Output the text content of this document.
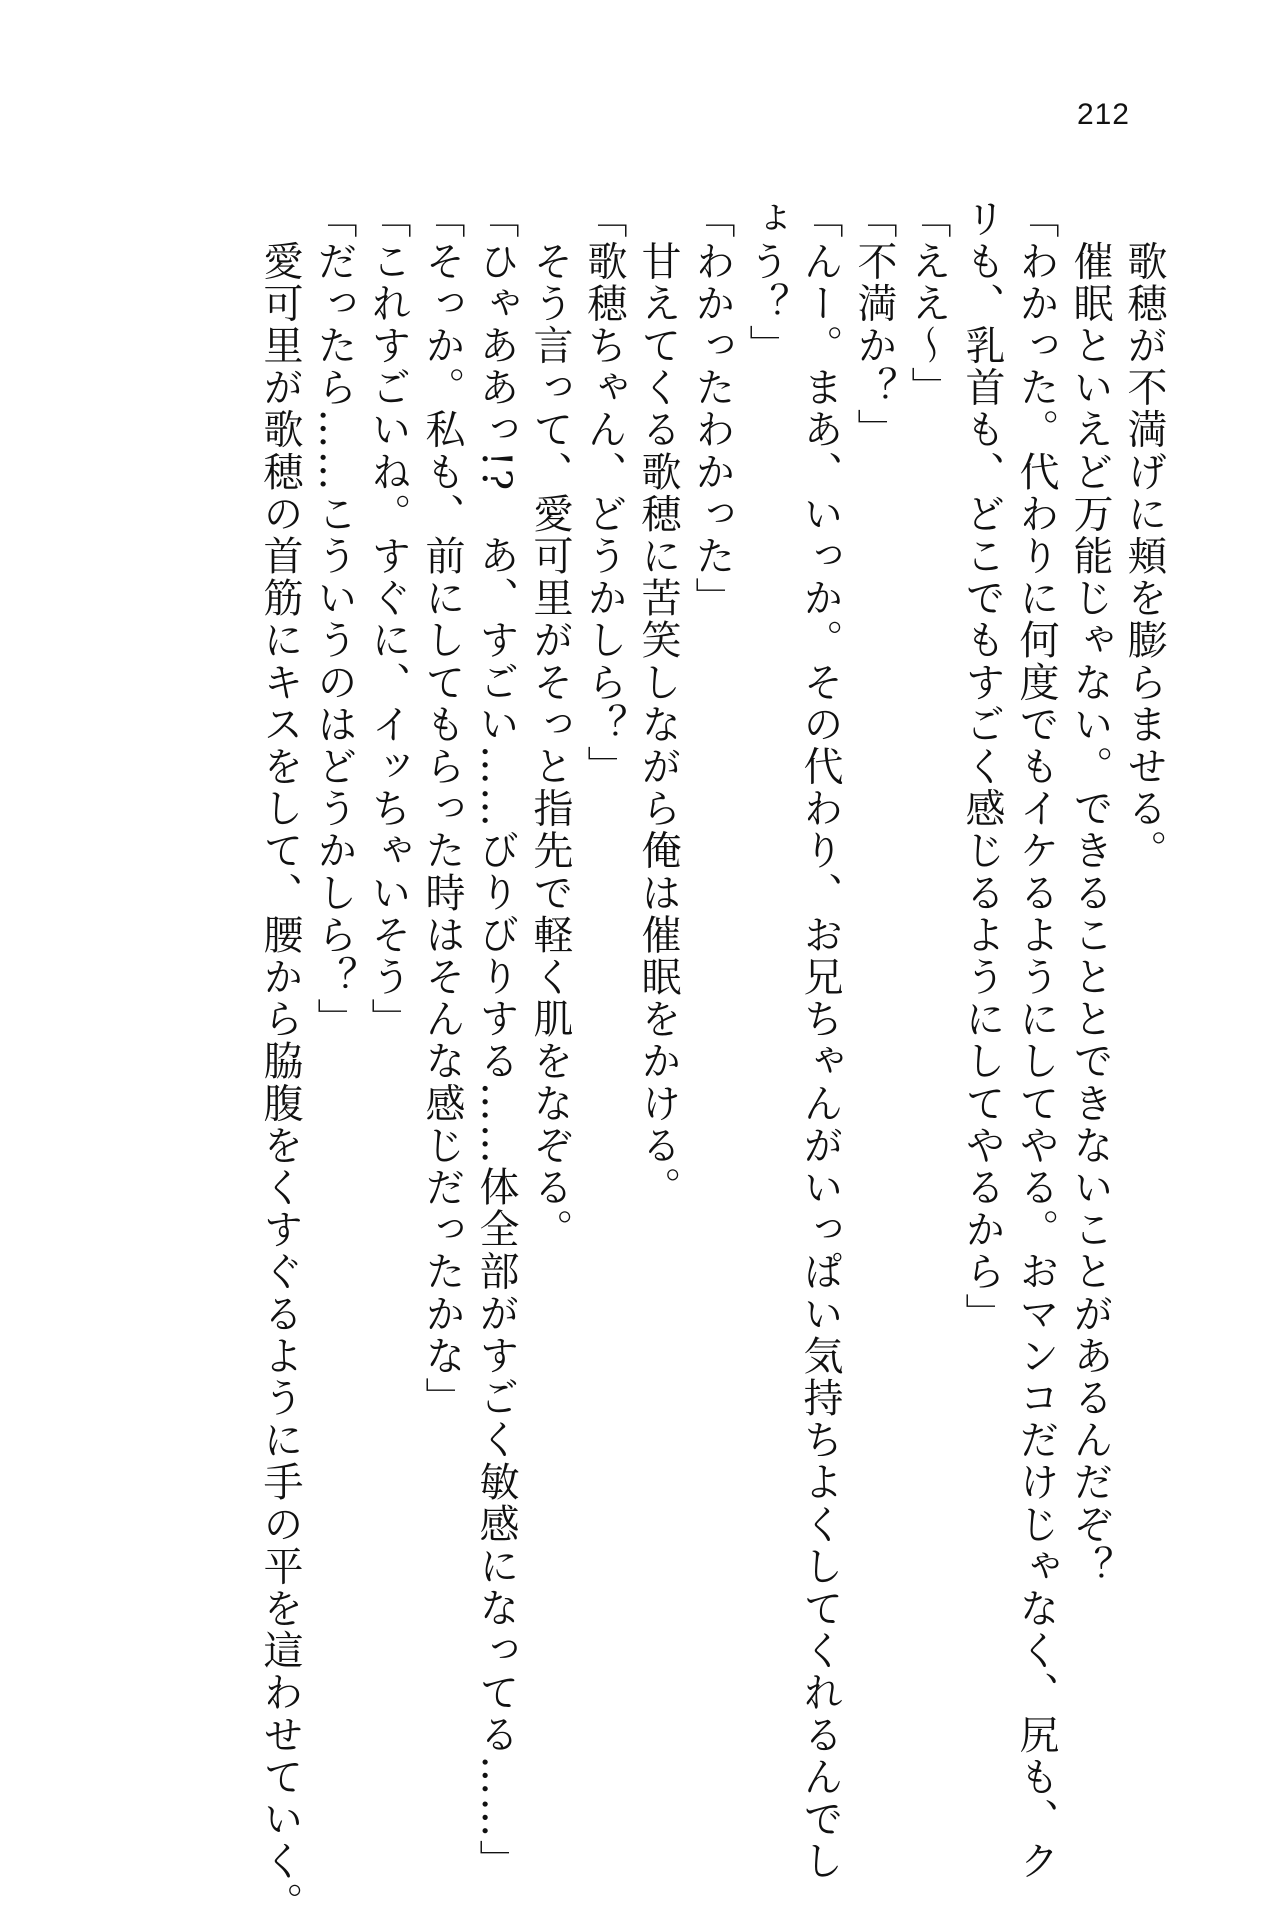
212
　歌穂が不満げに頬を膨らませる。
　催眠といえど万能じゃない。できることとできないことがあるんだぞ？
「わかった。代わりに何度でもイケるようにしてやる。おマンコだけじゃなく、尻も、ク
リも、乳首も、どこでもすごく感じるようにしてやるから」
「ええ～」
「不満か？」
「んー。まあ、いっか。その代わり、お兄ちゃんがいっぱい気持ちよくしてくれるんでし
ょう？」
「わかったわかった」
　甘えてくる歌穂に苦笑しながら俺は催眠をかける。
「歌穂ちゃん、どうかしら？」
　そう言って、愛可里がそっと指先で軽く肌をなぞる。
「ひゃああっ!?　あ、すごい……びりびりする……体全部がすごく敏感になってる……」
「そっか。私も、前にしてもらった時はそんな感じだったかな」
「これすごいね。すぐに、イッちゃいそう」
「だったら……こういうのはどうかしら？」
　愛可里が歌穂の首筋にキスをして、腰から脇腹をくすぐるように手の平を這わせていく。
